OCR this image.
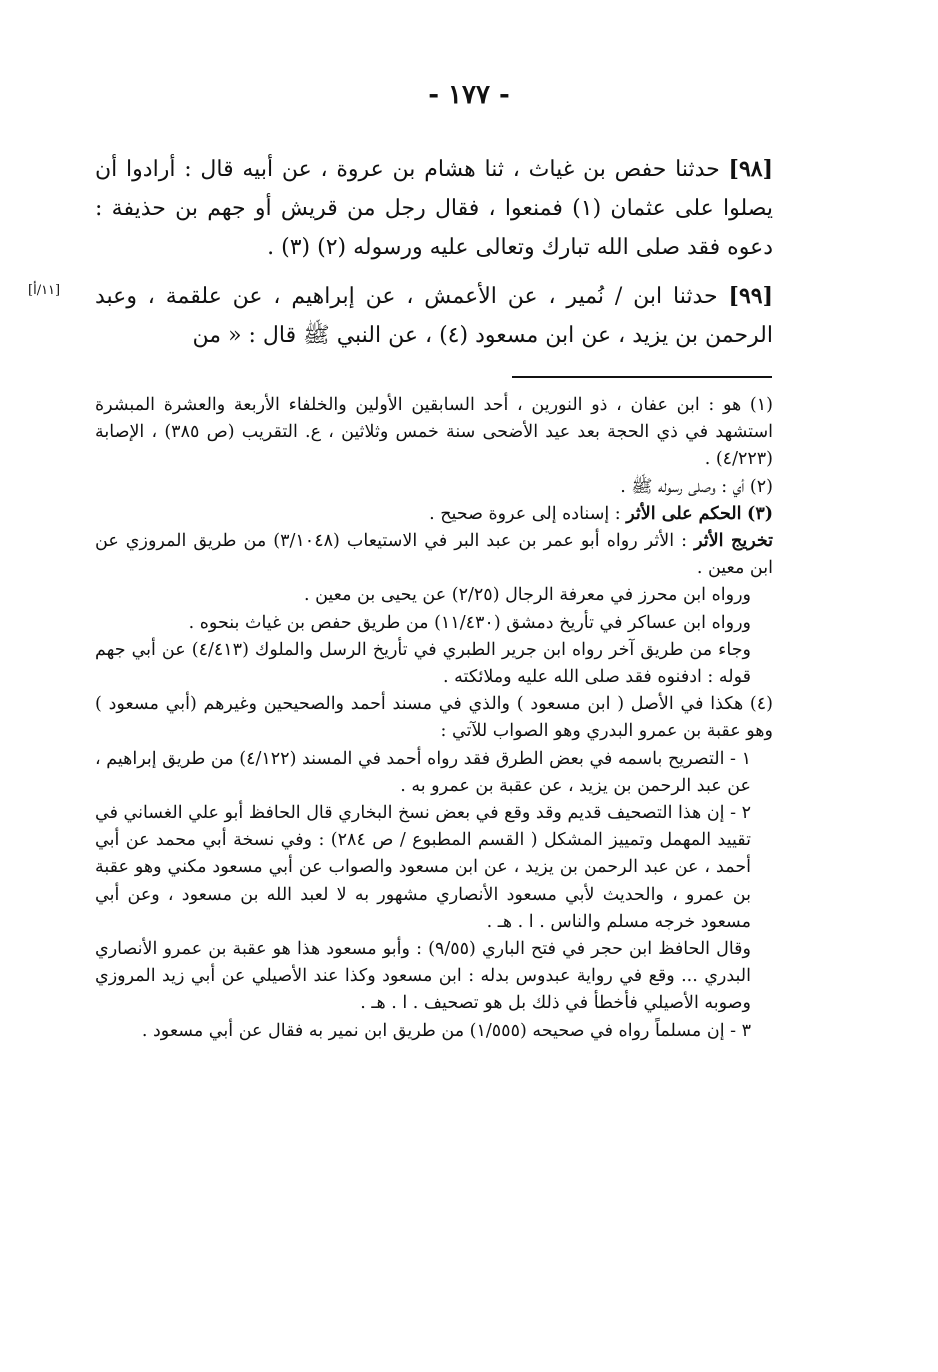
- ١٧٧ -
[١١/أ]

[٩٨] حدثنا حفص بن غياث ، ثنا هشام بن عروة ، عن أبيه قال : أرادوا أن يصلوا على عثمان (١) فمنعوا ، فقال رجل من قريش أو جهم بن حذيفة : دعوه فقد صلى الله تبارك وتعالى عليه ورسوله (٢) (٣) .

[٩٩] حدثنا ابن / نُمير ، عن الأعمش ، عن إبراهيم ، عن علقمة ، وعبد الرحمن بن يزيد ، عن ابن مسعود (٤) ، عن النبي ﷺ قال : « من

(١) هو : ابن عفان ، ذو النورين ، أحد السابقين الأولين والخلفاء الأربعة والعشرة المبشرة استشهد في ذي الحجة بعد عيد الأضحى سنة خمس وثلاثين ، ع. التقريب (ص ٣٨٥) ، الإصابة (٤/٢٢٣) .

(٢) أي : وصلى رسوله ﷺ .

(٣) الحكم على الأثر : إسناده إلى عروة صحيح .

تخريج الأثر : الأثر رواه أبو عمر بن عبد البر في الاستيعاب (٣/١٠٤٨) من طريق المروزي عن ابن معين .

ورواه ابن محرز في معرفة الرجال (٢/٢٥) عن يحيى بن معين .

ورواه ابن عساكر في تأريخ دمشق (١١/٤٣٠) من طريق حفص بن غياث بنحوه .

وجاء من طريق آخر رواه ابن جرير الطبري في تأريخ الرسل والملوك (٤/٤١٣) عن أبي جهم قوله : ادفنوه فقد صلى الله عليه وملائكته .

(٤) هكذا في الأصل ( ابن مسعود ) والذي في مسند أحمد والصحيحين وغيرهم (أبي مسعود ) وهو عقبة بن عمرو البدري وهو الصواب للآتي :

١ - التصريح باسمه في بعض الطرق فقد رواه أحمد في المسند (٤/١٢٢) من طريق إبراهيم ، عن عبد الرحمن بن يزيد ، عن عقبة بن عمرو به .

٢ - إن هذا التصحيف قديم وقد وقع في بعض نسخ البخاري قال الحافظ أبو علي الغساني في تقييد المهمل وتمييز المشكل ( القسم المطبوع / ص ٢٨٤) : وفي نسخة أبي محمد عن أبي أحمد ، عن عبد الرحمن بن يزيد ، عن ابن مسعود والصواب عن أبي مسعود مكني وهو عقبة بن عمرو ، والحديث لأبي مسعود الأنصاري مشهور به لا لعبد الله بن مسعود ، وعن أبي مسعود خرجه مسلم والناس . ا . هـ .

وقال الحافظ ابن حجر في فتح الباري (٩/٥٥) : وأبو مسعود هذا هو عقبة بن عمرو الأنصاري البدري ... وقع في رواية عبدوس بدله : ابن مسعود وكذا عند الأصيلي عن أبي زيد المروزي وصوبه الأصيلي فأخطأ في ذلك بل هو تصحيف . ا . هـ .

٣ - إن مسلماً رواه في صحيحه (١/٥٥٥) من طريق ابن نمير به فقال عن أبي مسعود .
